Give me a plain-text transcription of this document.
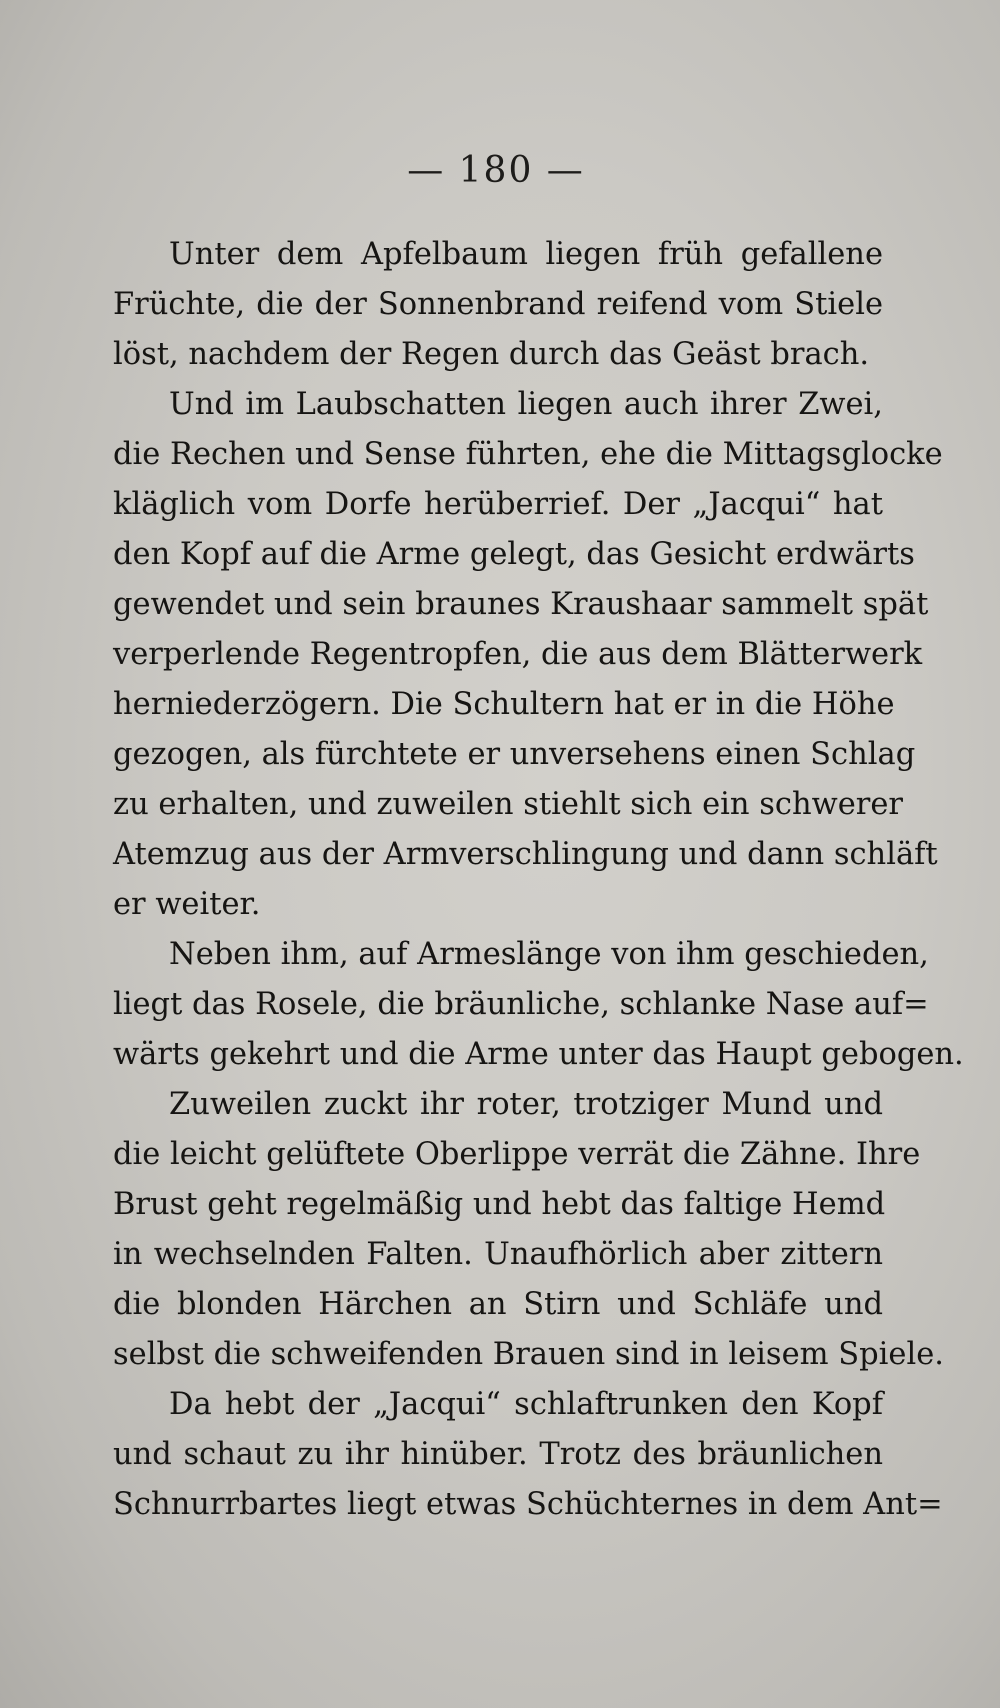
— 180 —
Unter dem Apfelbaum liegen früh gefallene
Früchte, die der Sonnenbrand reifend vom Stiele
löst, nachdem der Regen durch das Geäst brach.
Und im Laubschatten liegen auch ihrer Zwei,
die Rechen und Sense führten, ehe die Mittagsglocke
kläglich vom Dorfe herüberrief. Der „Jacqui“ hat
den Kopf auf die Arme gelegt, das Gesicht erdwärts
gewendet und sein braunes Kraushaar sammelt spät
verperlende Regentropfen, die aus dem Blätterwerk
herniederzögern. Die Schultern hat er in die Höhe
gezogen, als fürchtete er unversehens einen Schlag
zu erhalten, und zuweilen stiehlt sich ein schwerer
Atemzug aus der Armverschlingung und dann schläft
er weiter.
Neben ihm, auf Armeslänge von ihm geschieden,
liegt das Rosele, die bräunliche, schlanke Nase auf=
wärts gekehrt und die Arme unter das Haupt gebogen.
Zuweilen zuckt ihr roter, trotziger Mund und
die leicht gelüftete Oberlippe verrät die Zähne. Ihre
Brust geht regelmäßig und hebt das faltige Hemd
in wechselnden Falten. Unaufhörlich aber zittern
die blonden Härchen an Stirn und Schläfe und
selbst die schweifenden Brauen sind in leisem Spiele.
Da hebt der „Jacqui“ schlaftrunken den Kopf
und schaut zu ihr hinüber. Trotz des bräunlichen
Schnurrbartes liegt etwas Schüchternes in dem Ant=
